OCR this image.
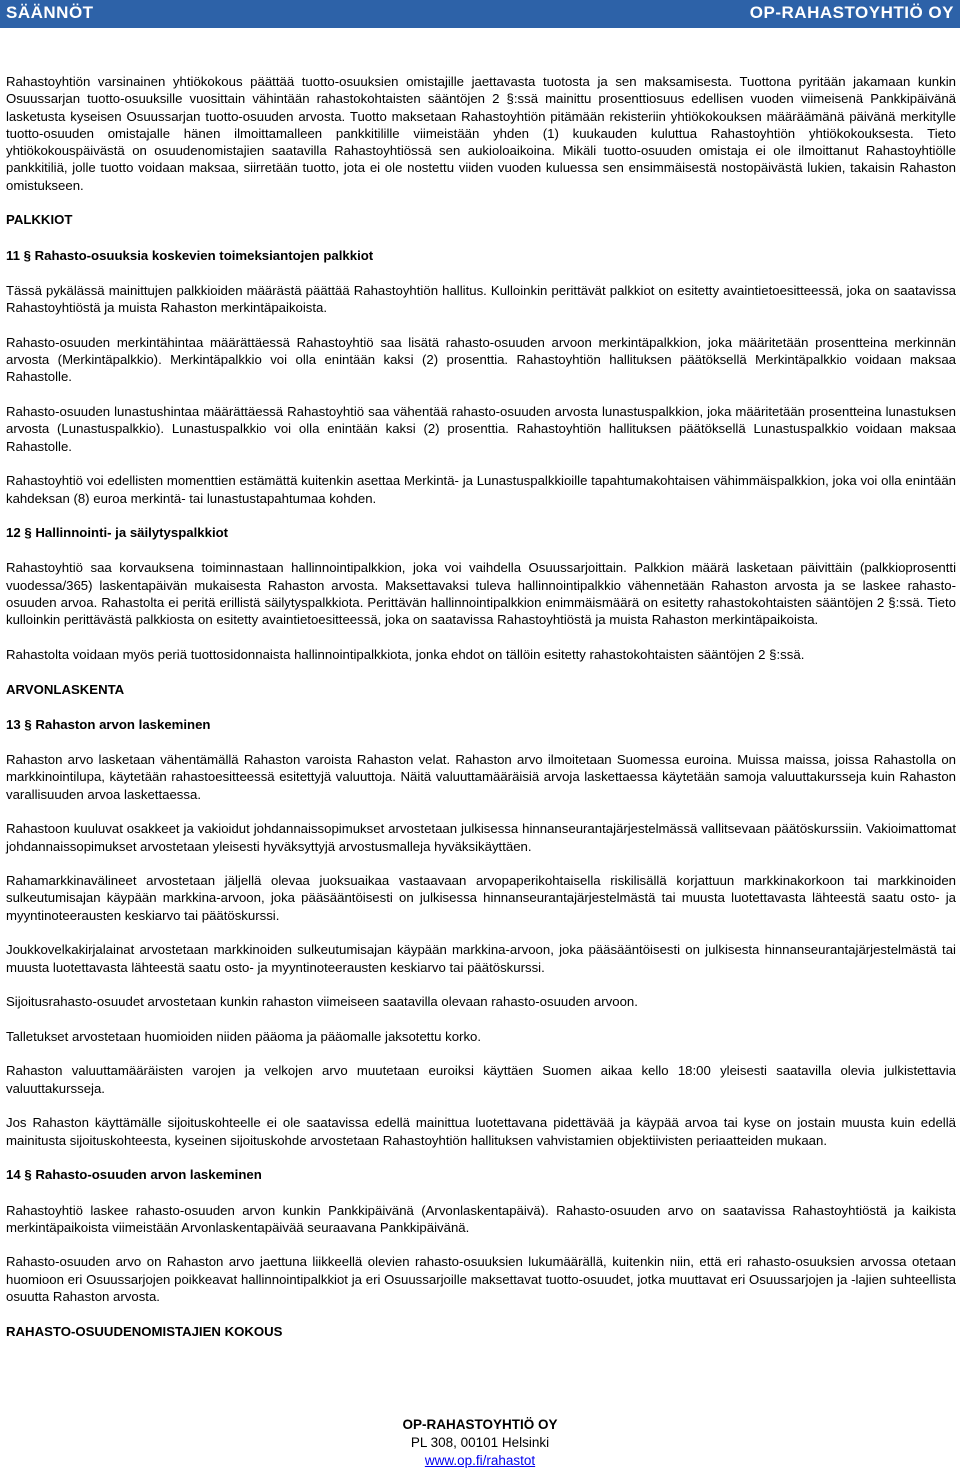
SÄÄNNÖT	OP-RAHASTOYHTIÖ OY

Rahastoyhtiön varsinainen yhtiökokous päättää tuotto-osuuksien omistajille jaettavasta tuotosta ja sen maksamisesta. Tuottona pyritään jakamaan kunkin Osuussarjan tuotto-osuuksille vuosittain vähintään rahastokohtaisten sääntöjen 2 §:ssä mainittu prosenttiosuus edellisen vuoden viimeisenä Pankkipäivänä lasketusta kyseisen Osuussarjan tuotto-osuuden arvosta. Tuotto maksetaan Rahastoyhtiön pitämään rekisteriin yhtiökokouksen määräämänä päivänä merkitylle tuotto-osuuden omistajalle hänen ilmoittamalleen pankkitilille viimeistään yhden (1) kuukauden kuluttua Rahastoyhtiön yhtiökokouksesta. Tieto yhtiökokouspäivästä on osuudenomistajien saatavilla Rahastoyhtiössä sen aukioloaikoina. Mikäli tuotto-osuuden omistaja ei ole ilmoittanut Rahastoyhtiölle pankkitiliä, jolle tuotto voidaan maksaa, siirretään tuotto, jota ei ole nostettu viiden vuoden kuluessa sen ensimmäisestä nostopäivästä lukien, takaisin Rahaston omistukseen.

PALKKIOT
11 § Rahasto-osuuksia koskevien toimeksiantojen palkkiot

Tässä pykälässä mainittujen palkkioiden määrästä päättää Rahastoyhtiön hallitus. Kulloinkin perittävät palkkiot on esitetty avaintietoesitteessä, joka on saatavissa Rahastoyhtiöstä ja muista Rahaston merkintäpaikoista.

Rahasto-osuuden merkintähintaa määrättäessä Rahastoyhtiö saa lisätä rahasto-osuuden arvoon merkintäpalkkion, joka määritetään prosentteina merkinnän arvosta (Merkintäpalkkio). Merkintäpalkkio voi olla enintään kaksi (2) prosenttia. Rahastoyhtiön hallituksen päätöksellä Merkintäpalkkio voidaan maksaa Rahastolle.

Rahasto-osuuden lunastushintaa määrättäessä Rahastoyhtiö saa vähentää rahasto-osuuden arvosta lunastuspalkkion, joka määritetään prosentteina lunastuksen arvosta (Lunastuspalkkio). Lunastuspalkkio voi olla enintään kaksi (2) prosenttia. Rahastoyhtiön hallituksen päätöksellä Lunastuspalkkio voidaan maksaa Rahastolle.

Rahastoyhtiö voi edellisten momenttien estämättä kuitenkin asettaa Merkintä- ja Lunastuspalkkioille tapahtumakohtaisen vähimmäispalkkion, joka voi olla enintään kahdeksan (8) euroa merkintä- tai lunastustapahtumaa kohden.

12 § Hallinnointi- ja säilytyspalkkiot

Rahastoyhtiö saa korvauksena toiminnastaan hallinnointipalkkion, joka voi vaihdella Osuussarjoittain. Palkkion määrä lasketaan päivittäin (palkkioprosentti vuodessa/365) laskentapäivän mukaisesta Rahaston arvosta. Maksettavaksi tuleva hallinnointipalkkio vähennetään Rahaston arvosta ja se laskee rahasto-osuuden arvoa. Rahastolta ei peritä erillistä säilytyspalkkiota. Perittävän hallinnointipalkkion enimmäismäärä on esitetty rahastokohtaisten sääntöjen 2 §:ssä. Tieto kulloinkin perittävästä palkkiosta on esitetty avaintietoesitteessä, joka on saatavissa Rahastoyhtiöstä ja muista Rahaston merkintäpaikoista.

Rahastolta voidaan myös periä tuottosidonnaista hallinnointipalkkiota, jonka ehdot on tällöin esitetty rahastokohtaisten sääntöjen 2 §:ssä.

ARVONLASKENTA
13 § Rahaston arvon laskeminen

Rahaston arvo lasketaan vähentämällä Rahaston varoista Rahaston velat. Rahaston arvo ilmoitetaan Suomessa euroina. Muissa maissa, joissa Rahastolla on markkinointilupa, käytetään rahastoesitteessä esitettyjä valuuttoja. Näitä valuuttamääräisiä arvoja laskettaessa käytetään samoja valuuttakursseja kuin Rahaston varallisuuden arvoa laskettaessa.

Rahastoon kuuluvat osakkeet ja vakioidut johdannaissopimukset arvostetaan julkisessa hinnanseurantajärjestelmässä vallitsevaan päätöskurssiin. Vakioimattomat johdannaissopimukset arvostetaan yleisesti hyväksyttyjä arvostusmalleja hyväksikäyttäen.

Rahamarkkinavälineet arvostetaan jäljellä olevaa juoksuaikaa vastaavaan arvopaperikohtaisella riskilisällä korjattuun markkinakorkoon tai markkinoiden sulkeutumisajan käypään markkina-arvoon, joka pääsääntöisesti on julkisessa hinnanseurantajärjestelmästä tai muusta luotettavasta lähteestä saatu osto- ja myyntinoteerausten keskiarvo tai päätöskurssi.

Joukkovelkakirjalainat arvostetaan markkinoiden sulkeutumisajan käypään markkina-arvoon, joka pääsääntöisesti on julkisesta hinnanseurantajärjestelmästä tai muusta luotettavasta lähteestä saatu osto- ja myyntinoteerausten keskiarvo tai päätöskurssi.

Sijoitusrahasto-osuudet arvostetaan kunkin rahaston viimeiseen saatavilla olevaan rahasto-osuuden arvoon.

Talletukset arvostetaan huomioiden niiden pääoma ja pääomalle jaksotettu korko.

Rahaston valuuttamääräisten varojen ja velkojen arvo muutetaan euroiksi käyttäen Suomen aikaa kello 18:00 yleisesti saatavilla olevia julkistettavia valuuttakursseja.

Jos Rahaston käyttämälle sijoituskohteelle ei ole saatavissa edellä mainittua luotettavana pidettävää ja käypää arvoa tai kyse on jostain muusta kuin edellä mainitusta sijoituskohteesta, kyseinen sijoituskohde arvostetaan Rahastoyhtiön hallituksen vahvistamien objektiivisten periaatteiden mukaan.

14 § Rahasto-osuuden arvon laskeminen

Rahastoyhtiö laskee rahasto-osuuden arvon kunkin Pankkipäivänä (Arvonlaskentapäivä). Rahasto-osuuden arvo on saatavissa Rahastoyhtiöstä ja kaikista merkintäpaikoista viimeistään Arvonlaskentapäivää seuraavana Pankkipäivänä.

Rahasto-osuuden arvo on Rahaston arvo jaettuna liikkeellä olevien rahasto-osuuksien lukumäärällä, kuitenkin niin, että eri rahasto-osuuksien arvossa otetaan huomioon eri Osuussarjojen poikkeavat hallinnointipalkkiot ja eri Osuussarjoille maksettavat tuotto-osuudet, jotka muuttavat eri Osuussarjojen ja -lajien suhteellista osuutta Rahaston arvosta.

RAHASTO-OSUUDENOMISTAJIEN KOKOUS
OP-RAHASTOYHTIÖ OY
PL 308, 00101 Helsinki
www.op.fi/rahastot
